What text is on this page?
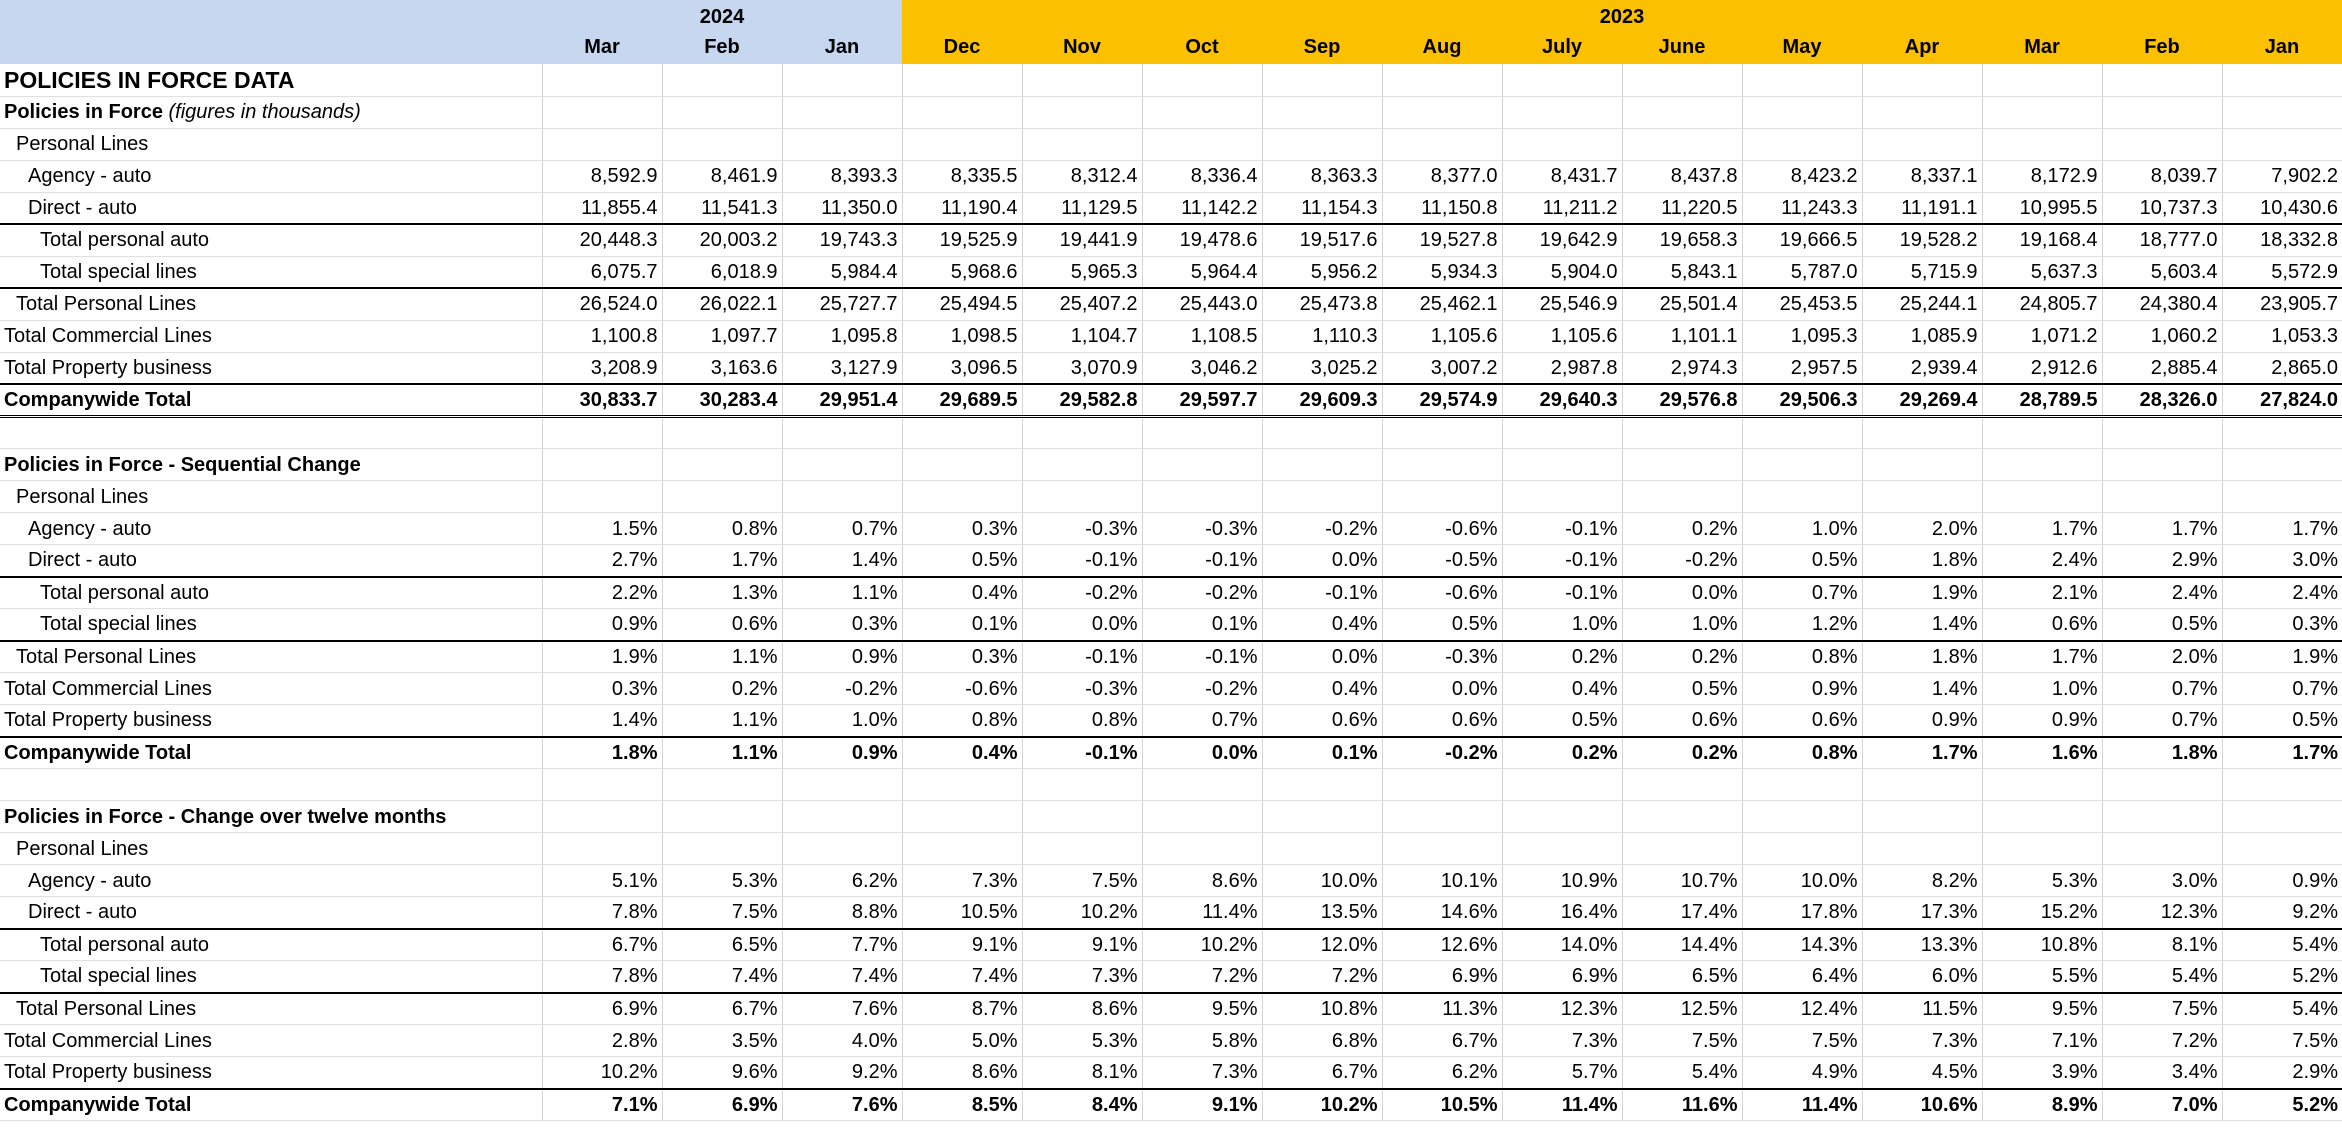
	2024			2023											
	Mar	Feb	Jan	Dec	Nov	Oct	Sep	Aug	July	June	May	Apr	Mar	Feb	Jan
POLICIES IN FORCE DATA															
Policies in Force (figures in thousands)															
Personal Lines															
Agency - auto	8,592.9	8,461.9	8,393.3	8,335.5	8,312.4	8,336.4	8,363.3	8,377.0	8,431.7	8,437.8	8,423.2	8,337.1	8,172.9	8,039.7	7,902.2
Direct - auto	11,855.4	11,541.3	11,350.0	11,190.4	11,129.5	11,142.2	11,154.3	11,150.8	11,211.2	11,220.5	11,243.3	11,191.1	10,995.5	10,737.3	10,430.6
Total personal auto	20,448.3	20,003.2	19,743.3	19,525.9	19,441.9	19,478.6	19,517.6	19,527.8	19,642.9	19,658.3	19,666.5	19,528.2	19,168.4	18,777.0	18,332.8
Total special lines	6,075.7	6,018.9	5,984.4	5,968.6	5,965.3	5,964.4	5,956.2	5,934.3	5,904.0	5,843.1	5,787.0	5,715.9	5,637.3	5,603.4	5,572.9
Total Personal Lines	26,524.0	26,022.1	25,727.7	25,494.5	25,407.2	25,443.0	25,473.8	25,462.1	25,546.9	25,501.4	25,453.5	25,244.1	24,805.7	24,380.4	23,905.7
Total Commercial Lines	1,100.8	1,097.7	1,095.8	1,098.5	1,104.7	1,108.5	1,110.3	1,105.6	1,105.6	1,101.1	1,095.3	1,085.9	1,071.2	1,060.2	1,053.3
Total Property business	3,208.9	3,163.6	3,127.9	3,096.5	3,070.9	3,046.2	3,025.2	3,007.2	2,987.8	2,974.3	2,957.5	2,939.4	2,912.6	2,885.4	2,865.0
Companywide Total	30,833.7	30,283.4	29,951.4	29,689.5	29,582.8	29,597.7	29,609.3	29,574.9	29,640.3	29,576.8	29,506.3	29,269.4	28,789.5	28,326.0	27,824.0

Policies in Force - Sequential Change															
Personal Lines															
Agency - auto	1.5%	0.8%	0.7%	0.3%	-0.3%	-0.3%	-0.2%	-0.6%	-0.1%	0.2%	1.0%	2.0%	1.7%	1.7%	1.7%
Direct - auto	2.7%	1.7%	1.4%	0.5%	-0.1%	-0.1%	0.0%	-0.5%	-0.1%	-0.2%	0.5%	1.8%	2.4%	2.9%	3.0%
Total personal auto	2.2%	1.3%	1.1%	0.4%	-0.2%	-0.2%	-0.1%	-0.6%	-0.1%	0.0%	0.7%	1.9%	2.1%	2.4%	2.4%
Total special lines	0.9%	0.6%	0.3%	0.1%	0.0%	0.1%	0.4%	0.5%	1.0%	1.0%	1.2%	1.4%	0.6%	0.5%	0.3%
Total Personal Lines	1.9%	1.1%	0.9%	0.3%	-0.1%	-0.1%	0.0%	-0.3%	0.2%	0.2%	0.8%	1.8%	1.7%	2.0%	1.9%
Total Commercial Lines	0.3%	0.2%	-0.2%	-0.6%	-0.3%	-0.2%	0.4%	0.0%	0.4%	0.5%	0.9%	1.4%	1.0%	0.7%	0.7%
Total Property business	1.4%	1.1%	1.0%	0.8%	0.8%	0.7%	0.6%	0.6%	0.5%	0.6%	0.6%	0.9%	0.9%	0.7%	0.5%
Companywide Total	1.8%	1.1%	0.9%	0.4%	-0.1%	0.0%	0.1%	-0.2%	0.2%	0.2%	0.8%	1.7%	1.6%	1.8%	1.7%

Policies in Force - Change over twelve months															
Personal Lines															
Agency - auto	5.1%	5.3%	6.2%	7.3%	7.5%	8.6%	10.0%	10.1%	10.9%	10.7%	10.0%	8.2%	5.3%	3.0%	0.9%
Direct - auto	7.8%	7.5%	8.8%	10.5%	10.2%	11.4%	13.5%	14.6%	16.4%	17.4%	17.8%	17.3%	15.2%	12.3%	9.2%
Total personal auto	6.7%	6.5%	7.7%	9.1%	9.1%	10.2%	12.0%	12.6%	14.0%	14.4%	14.3%	13.3%	10.8%	8.1%	5.4%
Total special lines	7.8%	7.4%	7.4%	7.4%	7.3%	7.2%	7.2%	6.9%	6.9%	6.5%	6.4%	6.0%	5.5%	5.4%	5.2%
Total Personal Lines	6.9%	6.7%	7.6%	8.7%	8.6%	9.5%	10.8%	11.3%	12.3%	12.5%	12.4%	11.5%	9.5%	7.5%	5.4%
Total Commercial Lines	2.8%	3.5%	4.0%	5.0%	5.3%	5.8%	6.8%	6.7%	7.3%	7.5%	7.5%	7.3%	7.1%	7.2%	7.5%
Total Property business	10.2%	9.6%	9.2%	8.6%	8.1%	7.3%	6.7%	6.2%	5.7%	5.4%	4.9%	4.5%	3.9%	3.4%	2.9%
Companywide Total	7.1%	6.9%	7.6%	8.5%	8.4%	9.1%	10.2%	10.5%	11.4%	11.6%	11.4%	10.6%	8.9%	7.0%	5.2%
